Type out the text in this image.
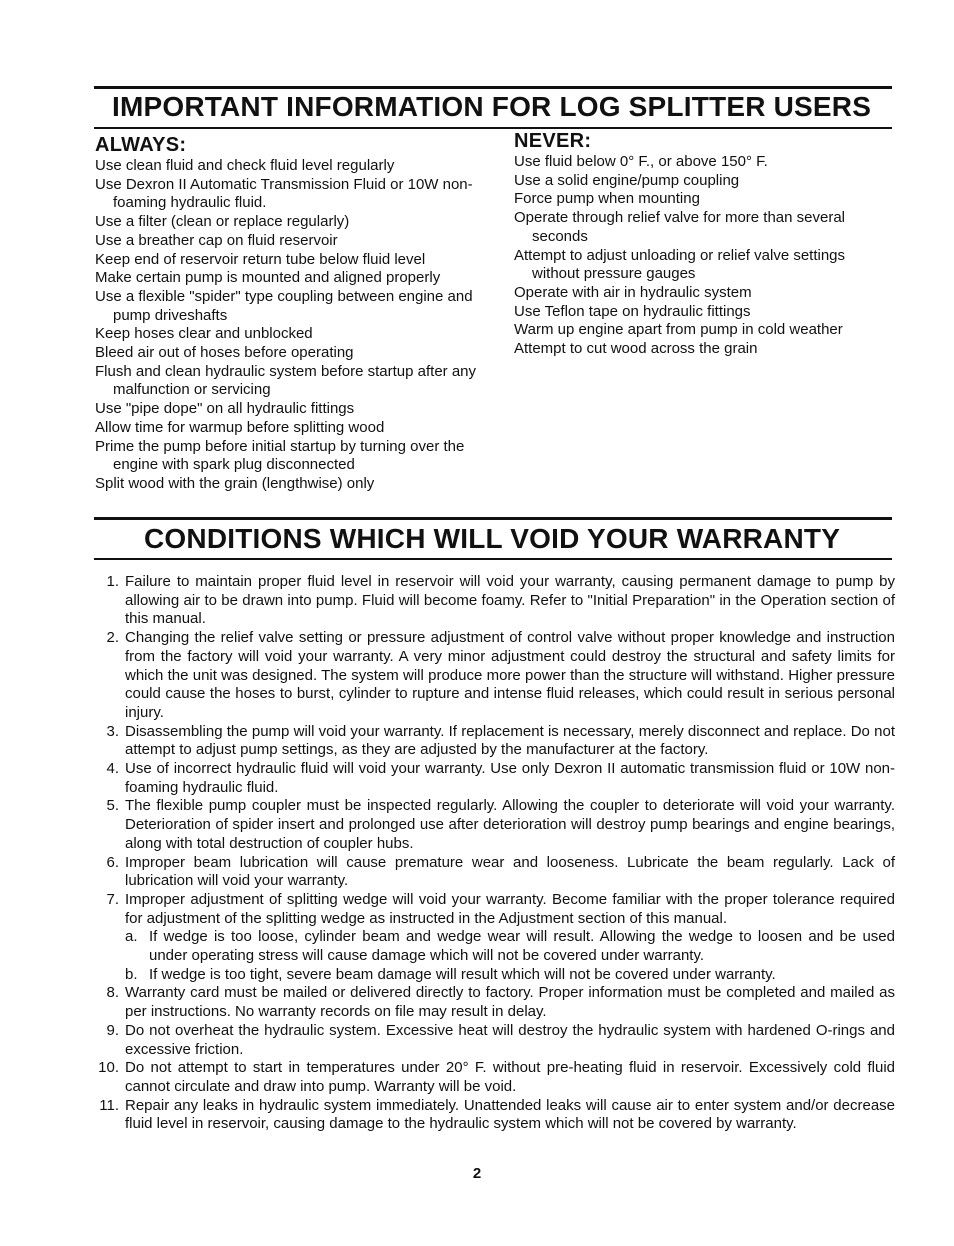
IMPORTANT INFORMATION FOR LOG SPLITTER USERS
ALWAYS:
Use clean fluid and check fluid level regularly
Use Dexron II Automatic Transmission Fluid or 10W non-foaming hydraulic fluid.
Use a filter (clean or replace regularly)
Use a breather cap on fluid reservoir
Keep end of reservoir return tube below fluid level
Make certain pump is mounted and aligned properly
Use a flexible "spider" type coupling between engine and pump driveshafts
Keep hoses clear and unblocked
Bleed air out of hoses before operating
Flush and clean hydraulic system before startup after any malfunction or servicing
Use "pipe dope" on all hydraulic fittings
Allow time for warmup before splitting wood
Prime the pump before initial startup by turning over the engine with spark plug disconnected
Split wood with the grain (lengthwise) only
NEVER:
Use fluid below 0° F., or above 150° F.
Use a solid engine/pump coupling
Force pump when mounting
Operate through relief valve for more than several seconds
Attempt to adjust unloading or relief valve settings without pressure gauges
Operate with air in hydraulic system
Use Teflon tape on hydraulic fittings
Warm up engine apart from pump in cold weather
Attempt to cut wood across the grain
CONDITIONS WHICH WILL VOID YOUR WARRANTY
1. Failure to maintain proper fluid level in reservoir will void your warranty, causing permanent damage to pump by allowing air to be drawn into pump. Fluid will become foamy. Refer to "Initial Preparation" in the Operation section of this manual.
2. Changing the relief valve setting or pressure adjustment of control valve without proper knowledge and instruction from the factory will void your warranty. A very minor adjustment could destroy the structural and safety limits for which the unit was designed. The system will produce more power than the structure will withstand. Higher pressure could cause the hoses to burst, cylinder to rupture and intense fluid releases, which could result in serious personal injury.
3. Disassembling the pump will void your warranty. If replacement is necessary, merely disconnect and replace. Do not attempt to adjust pump settings, as they are adjusted by the manufacturer at the factory.
4. Use of incorrect hydraulic fluid will void your warranty. Use only Dexron II automatic transmission fluid or 10W non-foaming hydraulic fluid.
5. The flexible pump coupler must be inspected regularly. Allowing the coupler to deteriorate will void your warranty. Deterioration of spider insert and prolonged use after deterioration will destroy pump bearings and engine bearings, along with total destruction of coupler hubs.
6. Improper beam lubrication will cause premature wear and looseness. Lubricate the beam regularly. Lack of lubrication will void your warranty.
7. Improper adjustment of splitting wedge will void your warranty. Become familiar with the proper tolerance required for adjustment of the splitting wedge as instructed in the Adjustment section of this manual.
a. If wedge is too loose, cylinder beam and wedge wear will result. Allowing the wedge to loosen and be used under operating stress will cause damage which will not be covered under warranty.
b. If wedge is too tight, severe beam damage will result which will not be covered under warranty.
8. Warranty card must be mailed or delivered directly to factory. Proper information must be completed and mailed as per instructions. No warranty records on file may result in delay.
9. Do not overheat the hydraulic system. Excessive heat will destroy the hydraulic system with hardened O-rings and excessive friction.
10. Do not attempt to start in temperatures under 20° F. without pre-heating fluid in reservoir. Excessively cold fluid cannot circulate and draw into pump. Warranty will be void.
11. Repair any leaks in hydraulic system immediately. Unattended leaks will cause air to enter system and/or decrease fluid level in reservoir, causing damage to the hydraulic system which will not be covered by warranty.
2
